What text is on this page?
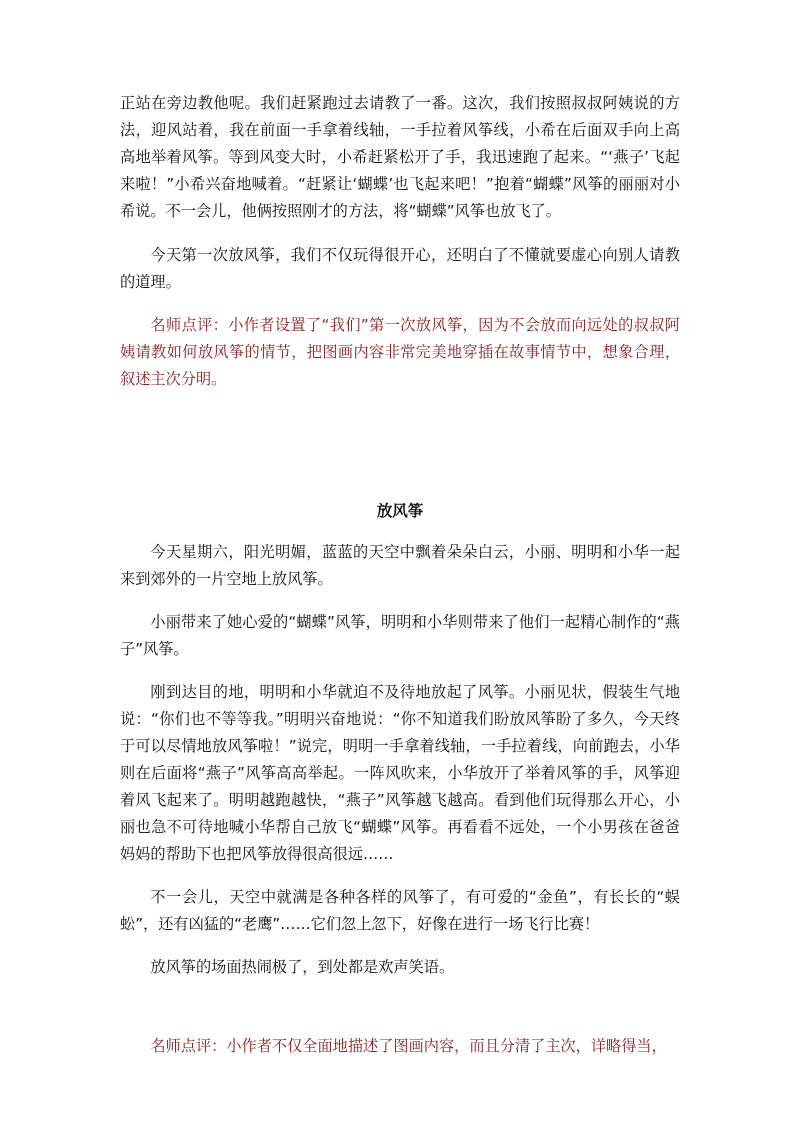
正站在旁边教他呢。我们赶紧跑过去请教了一番。这次，我们按照叔叔阿姨说的方法，迎风站着，我在前面一手拿着线轴，一手拉着风筝线，小希在后面双手向上高高地举着风筝。等到风变大时，小希赶紧松开了手，我迅速跑了起来。“‘燕子’飞起来啦！”小希兴奋地喊着。“赶紧让‘蝴蝶’也飞起来吧！”抱着“蝴蝶”风筝的丽丽对小希说。不一会儿，他俩按照刚才的方法，将“蝴蝶”风筝也放飞了。

今天第一次放风筝，我们不仅玩得很开心，还明白了不懂就要虚心向别人请教的道理。

名师点评：小作者设置了“我们”第一次放风筝，因为不会放而向远处的叔叔阿姨请教如何放风筝的情节，把图画内容非常完美地穿插在故事情节中，想象合理，叙述主次分明。

放风筝

今天星期六，阳光明媚，蓝蓝的天空中飘着朵朵白云，小丽、明明和小华一起来到郊外的一片空地上放风筝。

小丽带来了她心爱的“蝴蝶”风筝，明明和小华则带来了他们一起精心制作的“燕子”风筝。

刚到达目的地，明明和小华就迫不及待地放起了风筝。小丽见状，假装生气地说：“你们也不等等我。”明明兴奋地说：“你不知道我们盼放风筝盼了多久，今天终于可以尽情地放风筝啦！”说完，明明一手拿着线轴，一手拉着线，向前跑去，小华则在后面将“燕子”风筝高高举起。一阵风吹来，小华放开了举着风筝的手，风筝迎着风飞起来了。明明越跑越快，“燕子”风筝越飞越高。看到他们玩得那么开心，小丽也急不可待地喊小华帮自己放飞“蝴蝶”风筝。再看看不远处，一个小男孩在爸爸妈妈的帮助下也把风筝放得很高很远……

不一会儿，天空中就满是各种各样的风筝了，有可爱的“金鱼”，有长长的“蜈蚣”，还有凶猛的“老鹰”……它们忽上忽下，好像在进行一场飞行比赛！

放风筝的场面热闹极了，到处都是欢声笑语。

名师点评：小作者不仅全面地描述了图画内容，而且分清了主次，详略得当，
